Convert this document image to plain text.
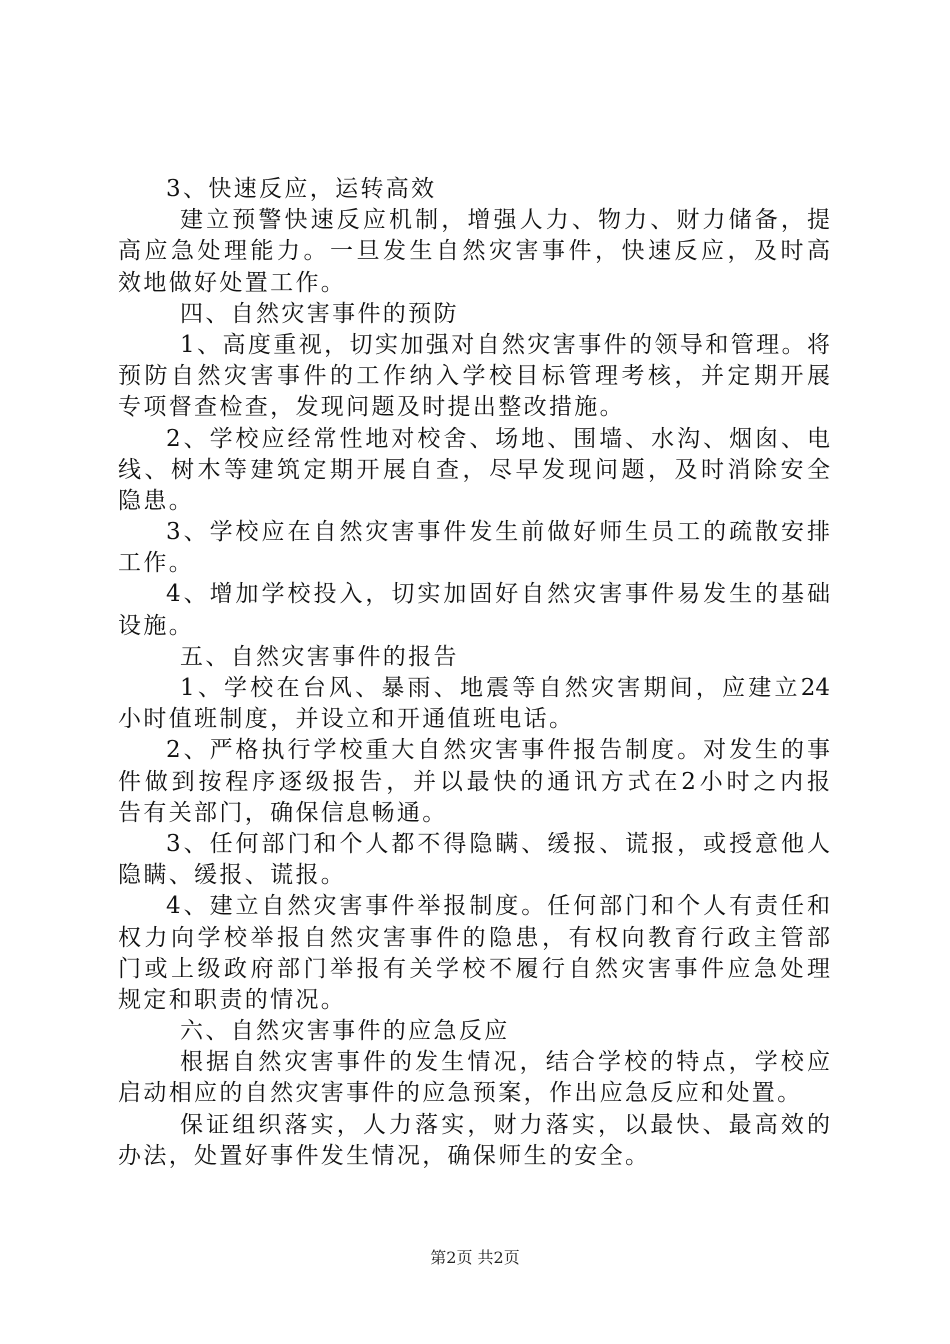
3、快速反应，运转高效
建立预警快速反应机制，增强人力、物力、财力储备，提
高应急处理能力。一旦发生自然灾害事件，快速反应，及时高
效地做好处置工作。
四、自然灾害事件的预防
1、高度重视，切实加强对自然灾害事件的领导和管理。将
预防自然灾害事件的工作纳入学校目标管理考核，并定期开展
专项督查检查，发现问题及时提出整改措施。
2、学校应经常性地对校舍、场地、围墙、水沟、烟囱、电
线、树木等建筑定期开展自查，尽早发现问题，及时消除安全
隐患。
3、学校应在自然灾害事件发生前做好师生员工的疏散安排
工作。
4、增加学校投入，切实加固好自然灾害事件易发生的基础
设施。
五、自然灾害事件的报告
1、学校在台风、暴雨、地震等自然灾害期间，应建立24
小时值班制度，并设立和开通值班电话。
2、严格执行学校重大自然灾害事件报告制度。对发生的事
件做到按程序逐级报告，并以最快的通讯方式在2小时之内报
告有关部门，确保信息畅通。
3、任何部门和个人都不得隐瞒、缓报、谎报，或授意他人
隐瞒、缓报、谎报。
4、建立自然灾害事件举报制度。任何部门和个人有责任和
权力向学校举报自然灾害事件的隐患，有权向教育行政主管部
门或上级政府部门举报有关学校不履行自然灾害事件应急处理
规定和职责的情况。
六、自然灾害事件的应急反应
根据自然灾害事件的发生情况，结合学校的特点，学校应
启动相应的自然灾害事件的应急预案，作出应急反应和处置。
保证组织落实，人力落实，财力落实，以最快、最高效的
办法，处置好事件发生情况，确保师生的安全。
第2页 共2页
